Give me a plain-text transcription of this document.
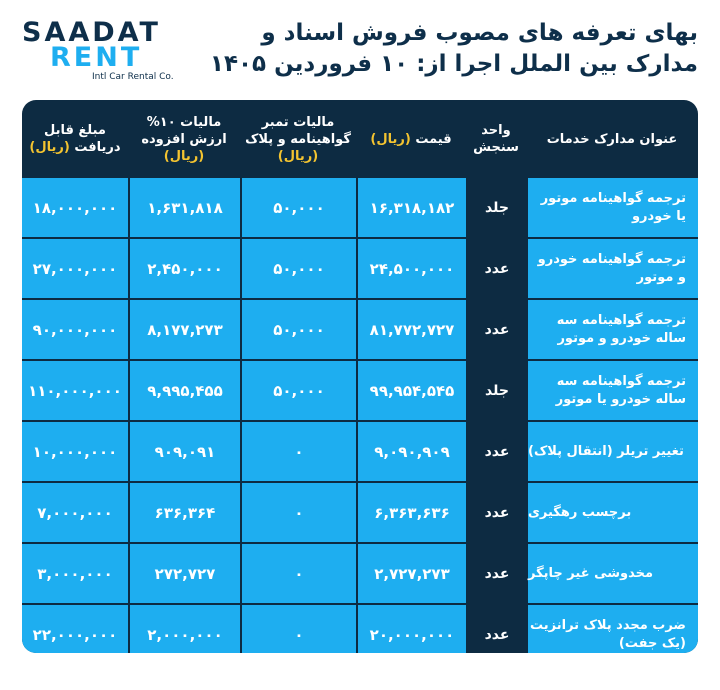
SAADAT
RENT
Intl Car Rental Co.
بهای تعرفه های مصوب فروش اسناد و
مدارک بین الملل اجرا از: ۱۰ فروردین ۱۴۰۵
عنوان مدارک خدمات
واحد سنجش
قیمت (ریال)
مالیات تمبر گواهینامه و پلاک (ریال)
مالیات ۱۰% ارزش افزوده (ریال)
مبلغ قابل دریافت (ریال)
ترجمه گواهینامه موتور یا خودرو
جلد
۱۶,۳۱۸,۱۸۲
۵۰,۰۰۰
۱,۶۳۱,۸۱۸
۱۸,۰۰۰,۰۰۰
ترجمه گواهینامه خودرو و موتور
عدد
۲۴,۵۰۰,۰۰۰
۵۰,۰۰۰
۲,۴۵۰,۰۰۰
۲۷,۰۰۰,۰۰۰
ترجمه گواهینامه سه ساله خودرو و موتور
عدد
۸۱,۷۷۲,۷۲۷
۵۰,۰۰۰
۸,۱۷۷,۲۷۳
۹۰,۰۰۰,۰۰۰
ترجمه گواهینامه سه ساله خودرو یا موتور
جلد
۹۹,۹۵۴,۵۴۵
۵۰,۰۰۰
۹,۹۹۵,۴۵۵
۱۱۰,۰۰۰,۰۰۰
تغییر تریلر (انتقال پلاک)
عدد
۹,۰۹۰,۹۰۹
۰
۹۰۹,۰۹۱
۱۰,۰۰۰,۰۰۰
برچسب رهگیری
عدد
۶,۳۶۳,۶۳۶
۰
۶۳۶,۳۶۴
۷,۰۰۰,۰۰۰
مخدوشی غیر چاپگر
عدد
۲,۷۲۷,۲۷۳
۰
۲۷۲,۷۲۷
۳,۰۰۰,۰۰۰
ضرب مجدد پلاک ترانزیت (یک جفت)
عدد
۲۰,۰۰۰,۰۰۰
۰
۲,۰۰۰,۰۰۰
۲۲,۰۰۰,۰۰۰
